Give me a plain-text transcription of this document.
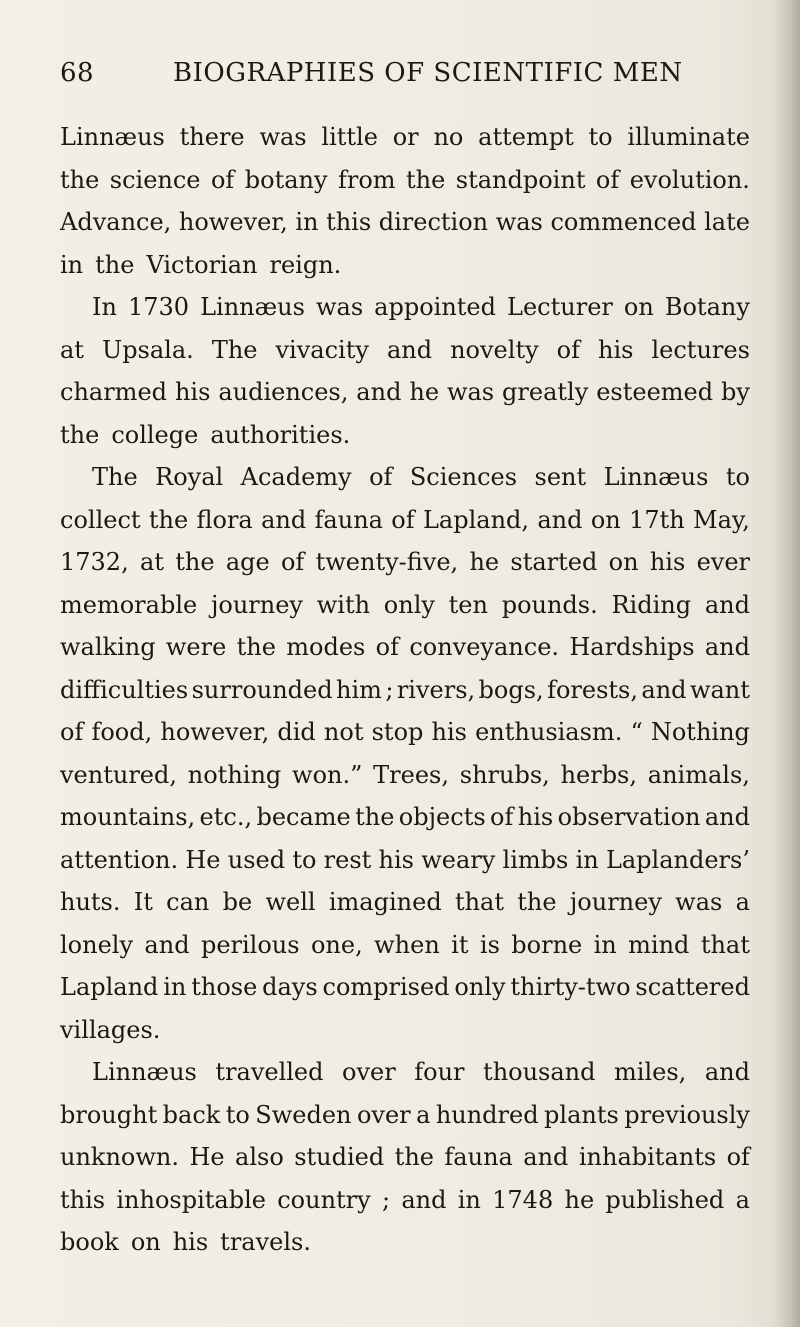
68	BIOGRAPHIES OF SCIENTIFIC MEN
Linnæus there was little or no attempt to illuminate
the science of botany from the standpoint of evolution.
Advance, however, in this direction was commenced late
in the Victorian reign.
In 1730 Linnæus was appointed Lecturer on Botany
at Upsala. The vivacity and novelty of his lectures
charmed his audiences, and he was greatly esteemed by
the college authorities.
The Royal Academy of Sciences sent Linnæus to
collect the flora and fauna of Lapland, and on 17th May,
1732, at the age of twenty-five, he started on his ever
memorable journey with only ten pounds. Riding and
walking were the modes of conveyance. Hardships and
difficulties surrounded him ; rivers, bogs, forests, and want
of food, however, did not stop his enthusiasm. “ Nothing
ventured, nothing won.” Trees, shrubs, herbs, animals,
mountains, etc., became the objects of his observation and
attention. He used to rest his weary limbs in Laplanders’
huts. It can be well imagined that the journey was a
lonely and perilous one, when it is borne in mind that
Lapland in those days comprised only thirty-two scattered
villages.
Linnæus travelled over four thousand miles, and
brought back to Sweden over a hundred plants previously
unknown. He also studied the fauna and inhabitants of
this inhospitable country ; and in 1748 he published a
book on his travels.
